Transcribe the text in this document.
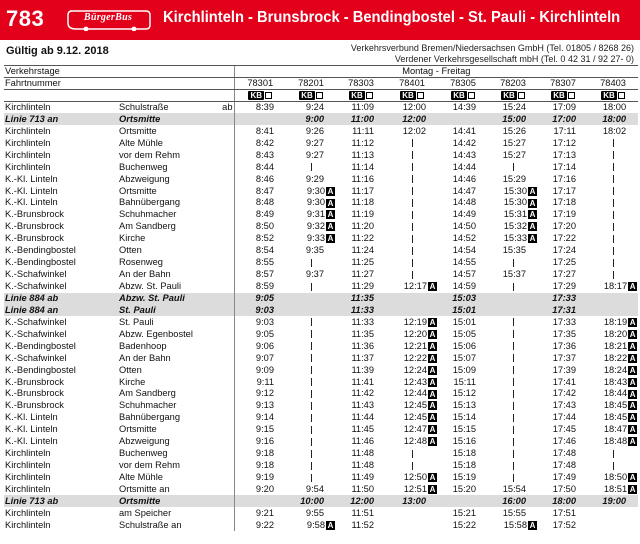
783	BürgerBus	Kirchlinteln - Brunsbrock - Bendingbostel - St. Pauli - Kirchlinteln
Gültig ab 9.12. 2018	Verkehrsverbund Bremen/Niedersachsen GmbH (Tel. 01805 / 8268 26)
Verdener Verkehrsgesellschaft mbH (Tel. 0 42 31 / 92 27- 0)
Verkehrstage			Montag - Freitag							
Fahrtnummer			78301	78201	78303	78401	78305	78203	78307	78403
			KB	KB	KB	KB	KB	KB	KB	KB
Kirchlinteln	Schulstraße	ab	8:39	9:24	11:09	12:00	14:39	15:24	17:09	18:00
Linie 713 an	Ortsmitte			9:00	11:00	12:00		15:00	17:00	18:00
Kirchlinteln	Ortsmitte		8:41	9:26	11:11	12:02	14:41	15:26	17:11	18:02
Kirchlinteln	Alte Mühle		8:42	9:27	11:12		14:42	15:27	17:12	
Kirchlinteln	vor dem Rehm		8:43	9:27	11:13		14:43	15:27	17:13	
Kirchlinteln	Buchenweg		8:44		11:14		14:44		17:14	
K.-Kl. Linteln	Abzweigung		8:46	9:29	11:16		14:46	15:29	17:16	
K.-Kl. Linteln	Ortsmitte		8:47	9:30 A	11:17		14:47	15:30 A	17:17	
K.-Kl. Linteln	Bahnübergang		8:48	9:30 A	11:18		14:48	15:30 A	17:18	
K.-Brunsbrock	Schuhmacher		8:49	9:31 A	11:19		14:49	15:31 A	17:19	
K.-Brunsbrock	Am Sandberg		8:50	9:32 A	11:20		14:50	15:32 A	17:20	
K.-Brunsbrock	Kirche		8:52	9:33 A	11:22		14:52	15:33 A	17:22	
K.-Bendingbostel	Otten		8:54	9:35	11:24		14:54	15:35	17:24	
K.-Bendingbostel	Rosenweg		8:55		11:25		14:55		17:25	
K.-Schafwinkel	An der Bahn		8:57	9:37	11:27		14:57	15:37	17:27	
K.-Schafwinkel	Abzw. St. Pauli		8:59		11:29	12:17 A	14:59		17:29	18:17 A
Linie 884 ab	Abzw. St. Pauli		9:05		11:35		15:03		17:33	
Linie 884 an	St. Pauli		9:03		11:33		15:01		17:31	
K.-Schafwinkel	St. Pauli		9:03		11:33	12:19 A	15:01		17:33	18:19 A
K.-Schafwinkel	Abzw. Egenbostel		9:05		11:35	12:20 A	15:05		17:35	18:20 A
K.-Bendingbostel	Badenhoop		9:06		11:36	12:21 A	15:06		17:36	18:21 A
K.-Schafwinkel	An der Bahn		9:07		11:37	12:22 A	15:07		17:37	18:22 A
K.-Bendingbostel	Otten		9:09		11:39	12:24 A	15:09		17:39	18:24 A
K.-Brunsbrock	Kirche		9:11		11:41	12:43 A	15:11		17:41	18:43 A
K.-Brunsbrock	Am Sandberg		9:12		11:42	12:44 A	15:12		17:42	18:44 A
K.-Brunsbrock	Schuhmacher		9:13		11:43	12:45 A	15:13		17:43	18:45 A
K.-Kl. Linteln	Bahnübergang		9:14		11:44	12:45 A	15:14		17:44	18:45 A
K.-Kl. Linteln	Ortsmitte		9:15		11:45	12:47 A	15:15		17:45	18:47 A
K.-Kl. Linteln	Abzweigung		9:16		11:46	12:48 A	15:16		17:46	18:48 A
Kirchlinteln	Buchenweg		9:18		11:48		15:18		17:48	
Kirchlinteln	vor dem Rehm		9:18		11:48		15:18		17:48	
Kirchlinteln	Alte Mühle		9:19		11:49	12:50 A	15:19		17:49	18:50 A
Kirchlinteln	Ortsmitte an		9:20	9:54	11:50	12:51 A	15:20	15:54	17:50	18:51 A
Linie 713 ab	Ortsmitte			10:00	12:00	13:00		16:00	18:00	19:00
Kirchlinteln	am Speicher		9:21	9:55	11:51		15:21	15:55	17:51	
Kirchlinteln	Schulstraße an		9:22	9:58 A	11:52		15:22	15:58 A	17:52	
